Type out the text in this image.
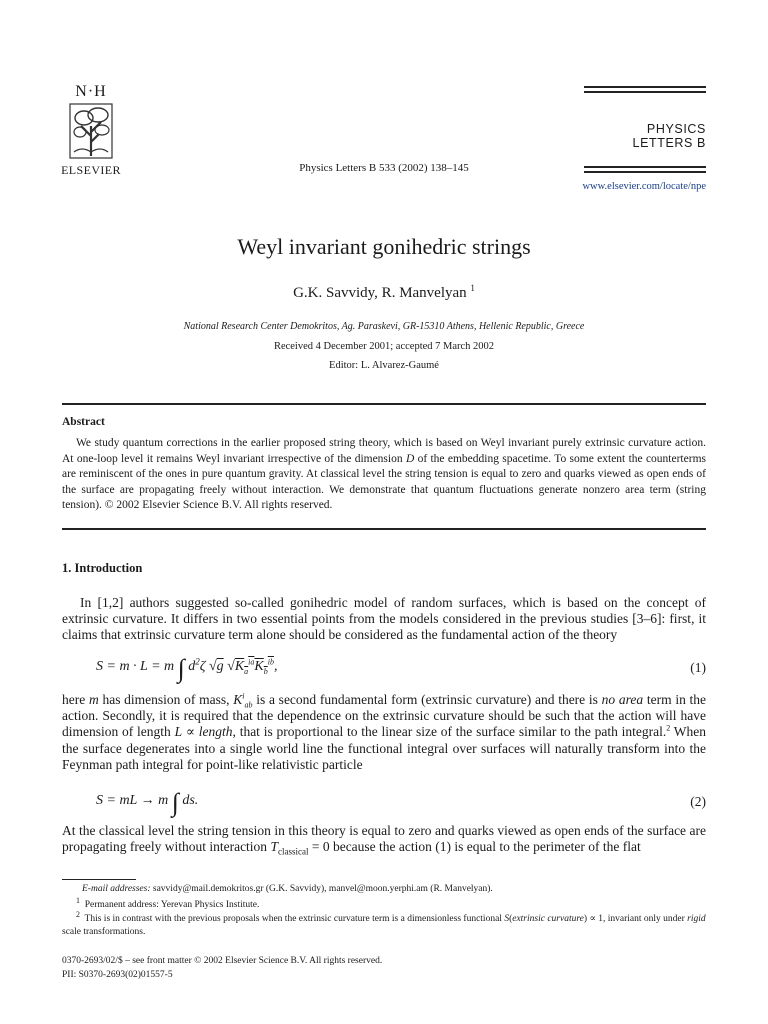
N·H
ELSEVIER	Physics Letters B 533 (2002) 138–145
PHYSICS LETTERS B
www.elsevier.com/locate/npe
Weyl invariant gonihedric strings
G.K. Savvidy, R. Manvelyan $^1$
National Research Center Demokritos, Ag. Paraskevi, GR-15310 Athens, Hellenic Republic, Greece
Received 4 December 2001; accepted 7 March 2002
Editor: L. Alvarez-Gaumé
Abstract
We study quantum corrections in the earlier proposed string theory, which is based on Weyl invariant purely extrinsic curvature action. At one-loop level it remains Weyl invariant irrespective of the dimension D of the embedding spacetime. To some extent the counterterms are reminiscent of the ones in pure quantum gravity. At classical level the string tension is equal to zero and quarks viewed as open ends of the surface are propagating freely without interaction. We demonstrate that quantum fluctuations generate nonzero area term (string tension). © 2002 Elsevier Science B.V. All rights reserved.
1. Introduction
In [1,2] authors suggested so-called gonihedric model of random surfaces, which is based on the concept of extrinsic curvature. It differs in two essential points from the models considered in the previous studies [3–6]: first, it claims that extrinsic curvature term alone should be considered as the fundamental action of the theory
S = m · L = m ∫ $d^2\zeta$ √g $√K_a^{ia}K_b^{ib}$,	(1)
here m has dimension of mass, $K^i_{ab}$ is a second fundamental form (extrinsic curvature) and there is no area term in the action. Secondly, it is required that the dependence on the extrinsic curvature should be such that the action will have dimension of length L ∝ length, that is proportional to the linear size of the surface similar to the path integral.$^2$ When the surface degenerates into a single world line the functional integral over surfaces will naturally transform into the Feynman path integral for point-like relativistic particle
S = mL → m ∫ ds.	(2)
At the classical level the string tension in this theory is equal to zero and quarks viewed as open ends of the surface are propagating freely without interaction $T_{classical} = 0$ because the action (1) is equal to the perimeter of the flat
E-mail addresses: savvidy@mail.demokritos.gr (G.K. Savvidy), manvel@moon.yerphi.am (R. Manvelyan).
$^1$ Permanent address: Yerevan Physics Institute.
$^2$ This is in contrast with the previous proposals when the extrinsic curvature term is a dimensionless functional S(extrinsic curvature) ∝ 1, invariant only under rigid scale transformations.
0370-2693/02/$ – see front matter © 2002 Elsevier Science B.V. All rights reserved.
PII: S0370-2693(02)01557-5
